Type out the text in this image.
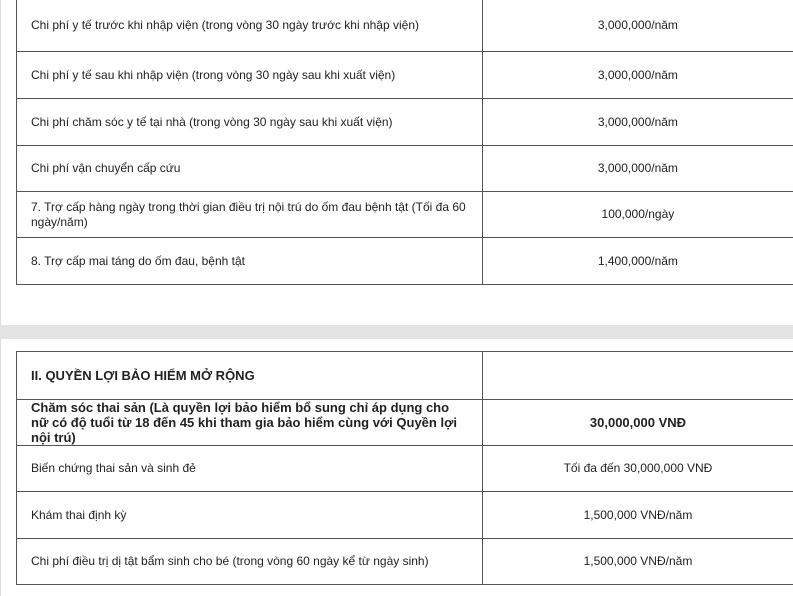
Chi phí y tế trước khi nhập viện (trong vòng 30 ngày trước khi nhập viện)	3,000,000/năm
Chi phí y tế sau khi nhập viện (trong vòng 30 ngày sau khi xuất viện)	3,000,000/năm
Chi phí chăm sóc y tế tại nhà (trong vòng 30 ngày sau khi xuất viện)	3,000,000/năm
Chi phí vận chuyển cấp cứu	3,000,000/năm
7. Trợ cấp hàng ngày trong thời gian điều trị nội trú do ốm đau bệnh tật (Tối đa 60 ngày/năm)	100,000/ngày
8. Trợ cấp mai táng do ốm đau, bệnh tật	1,400,000/năm
II. QUYỀN LỢI BẢO HIỂM MỞ RỘNG	
Chăm sóc thai sản (Là quyền lợi bảo hiểm bổ sung chỉ áp dụng cho nữ có độ tuổi từ 18 đến 45 khi tham gia bảo hiểm cùng với Quyền lợi nội trú)	30,000,000 VNĐ
Biến chứng thai sản và sinh đẻ	Tối đa đến 30,000,000 VNĐ
Khám thai định kỳ	1,500,000 VNĐ/năm
Chi phí điều trị dị tật bẩm sinh cho bé (trong vòng 60 ngày kể từ ngày sinh)	1,500,000 VNĐ/năm
